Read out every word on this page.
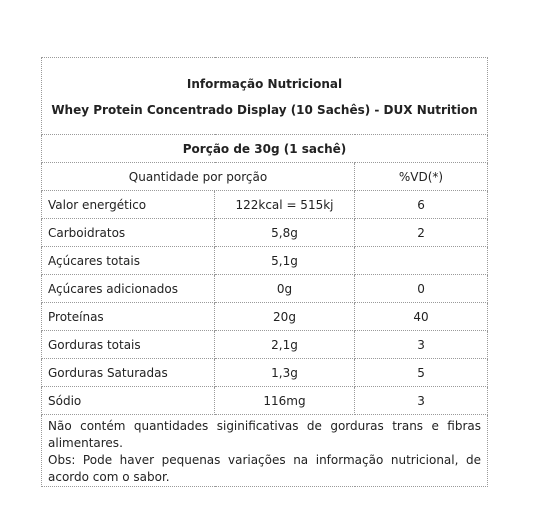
Informação Nutricional
Whey Protein Concentrado Display (10 Sachês) - DUX Nutrition		

Porção de 30g (1 sachê)		
Quantidade por porção		%VD(*)
Valor energético	122kcal = 515kj	6
Carboidratos	5,8g	2
Açúcares totais	5,1g	
Açúcares adicionados	0g	0
Proteínas	20g	40
Gorduras totais	2,1g	3
Gorduras Saturadas	1,3g	5
Sódio	116mg	3

Não contém quantidades siginificativas de gorduras trans e fibras alimentares.
Obs: Pode haver pequenas variações na informação nutricional, de acordo com o sabor.		
